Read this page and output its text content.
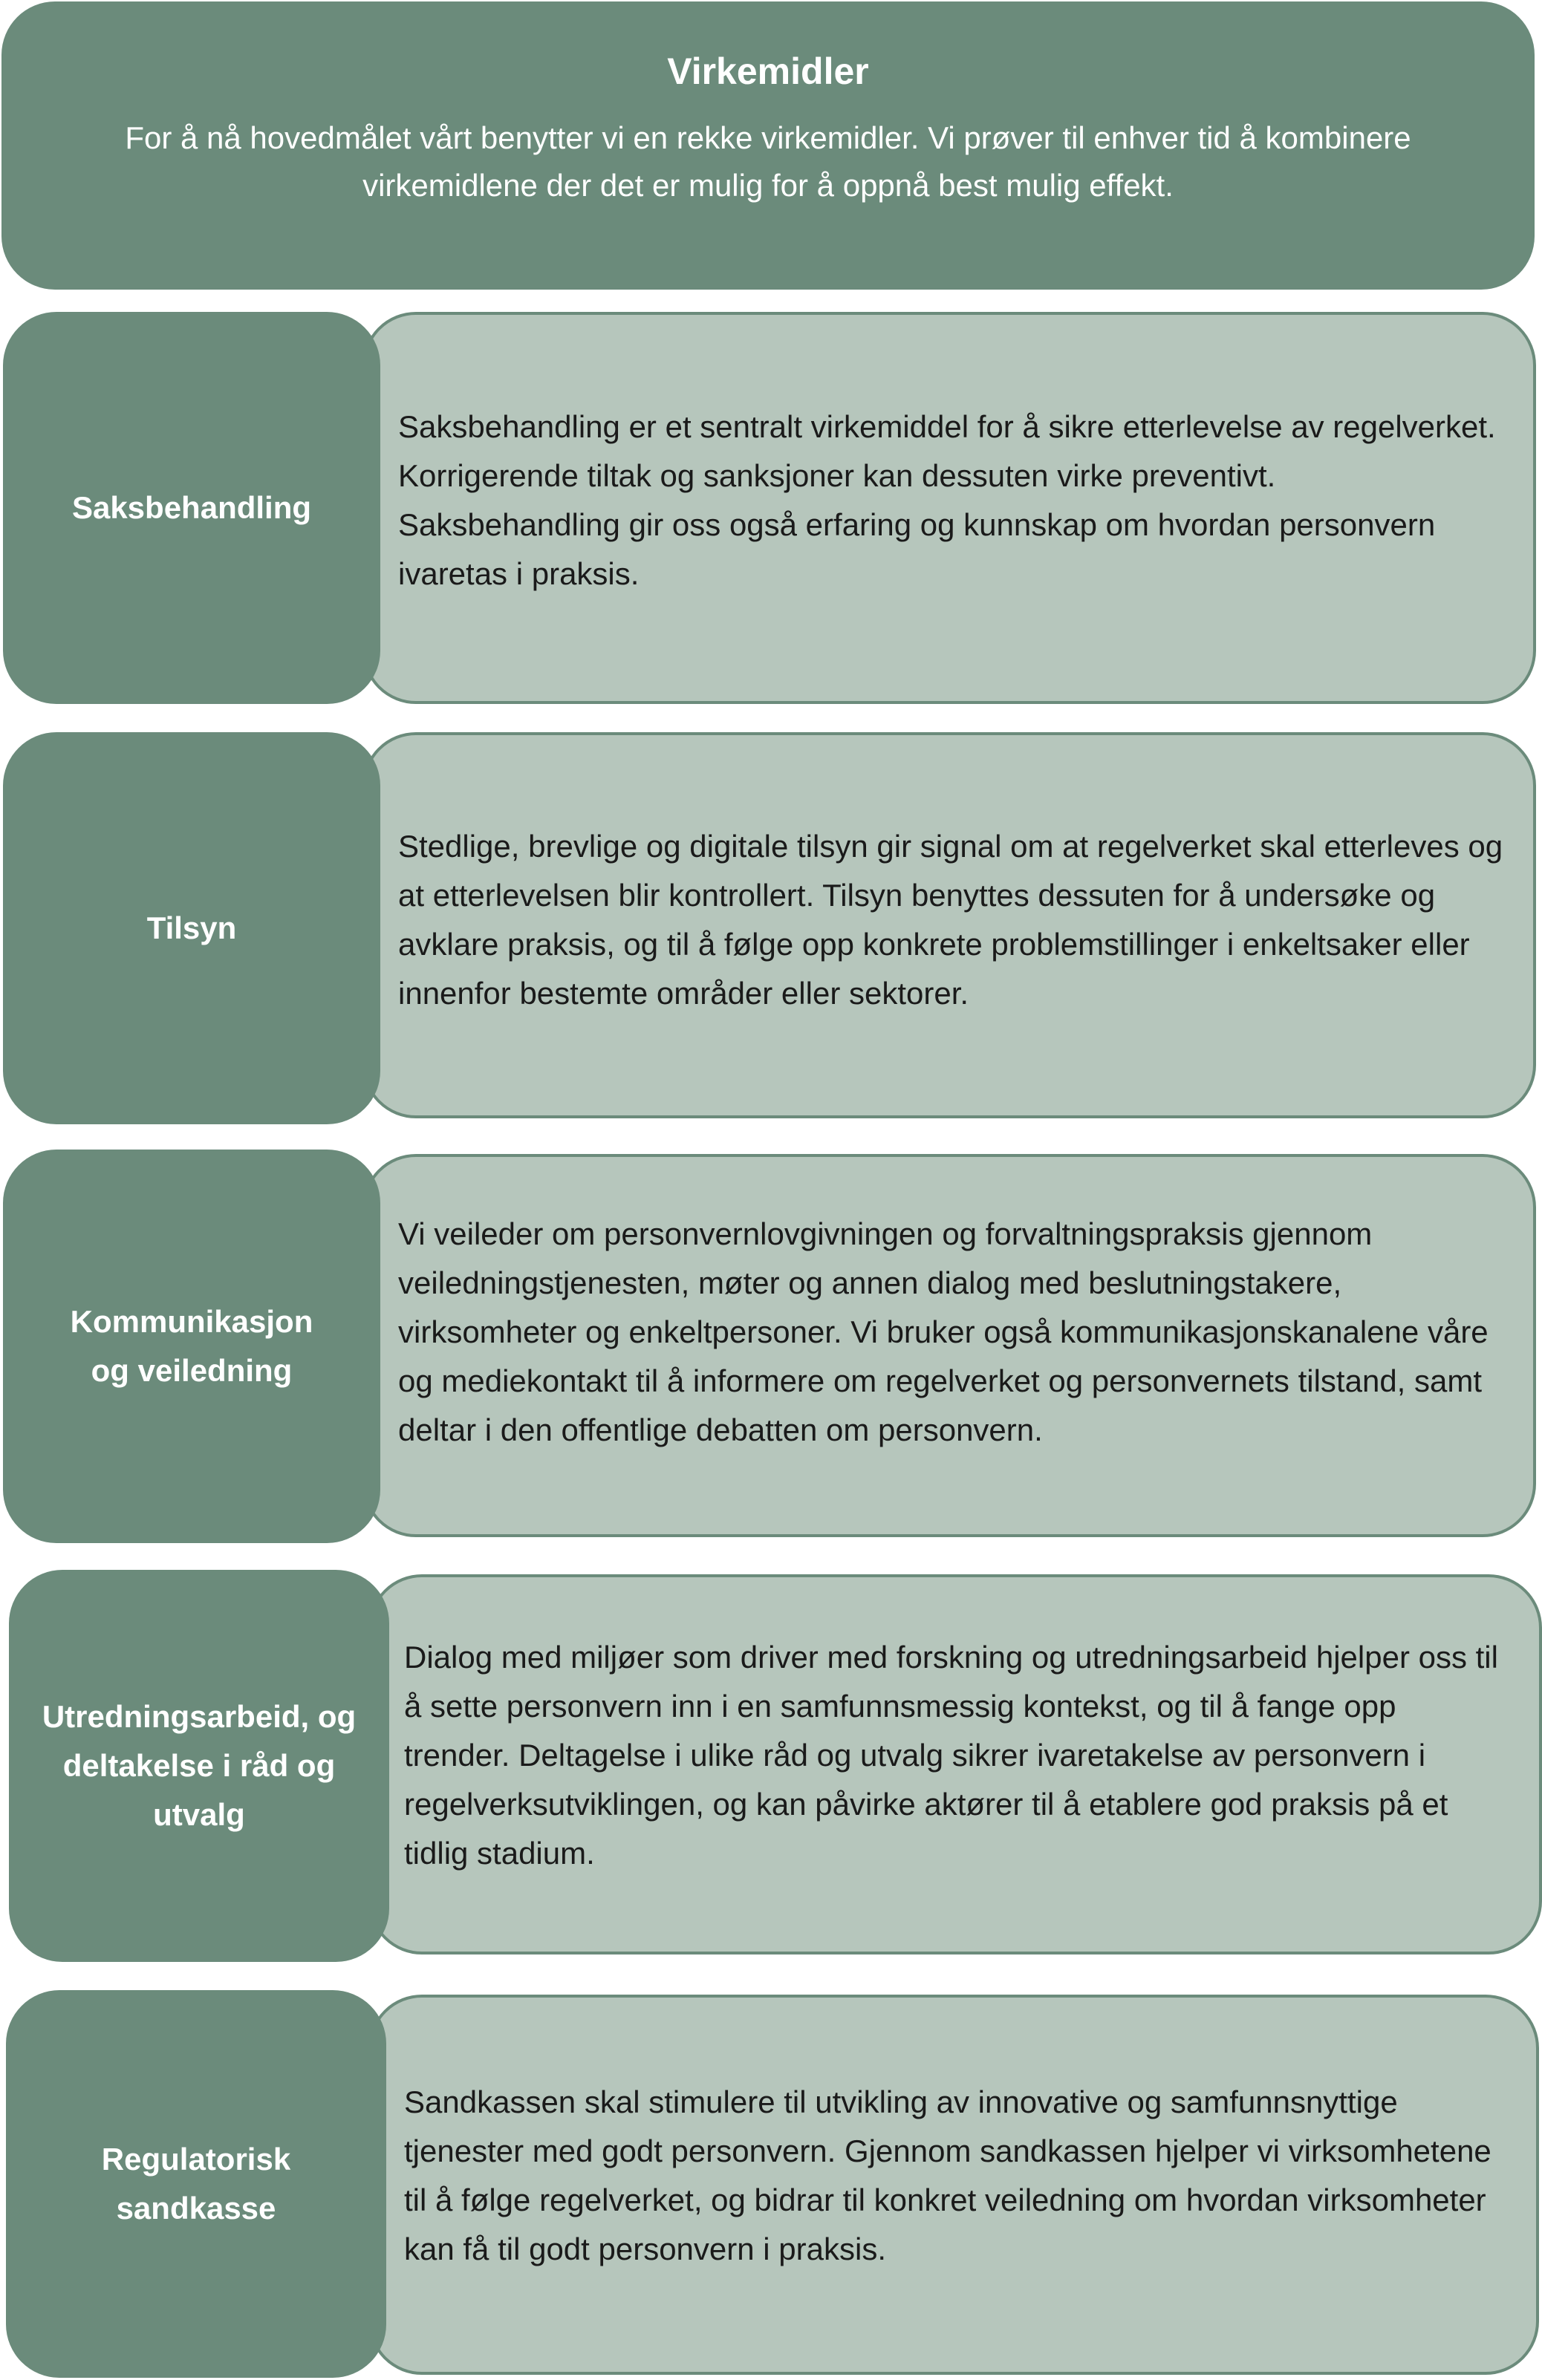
Virkemidler

For å nå hovedmålet vårt benytter vi en rekke virkemidler. Vi prøver til enhver tid å kombinere virkemidlene der det er mulig for å oppnå best mulig effekt.

Saksbehandling er et sentralt virkemiddel for å sikre etterlevelse av regelverket. Korrigerende tiltak og sanksjoner kan dessuten virke preventivt. Saksbehandling gir oss også erfaring og kunnskap om hvordan personvern ivaretas i praksis.

Saksbehandling

Stedlige, brevlige og digitale tilsyn gir signal om at regelverket skal etterleves og at etterlevelsen blir kontrollert. Tilsyn benyttes dessuten for å undersøke og avklare praksis, og til å følge opp konkrete problemstillinger i enkeltsaker eller innenfor bestemte områder eller sektorer.

Tilsyn

Vi veileder om personvernlovgivningen og forvaltningspraksis gjennom veiledningstjenesten, møter og annen dialog med beslutningstakere, virksomheter og enkeltpersoner. Vi bruker også kommunikasjonskanalene våre og mediekontakt til å informere om regelverket og personvernets tilstand, samt deltar i den offentlige debatten om personvern.

Kommunikasjon og veiledning

Dialog med miljøer som driver med forskning og utredningsarbeid hjelper oss til å sette personvern inn i en samfunnsmessig kontekst, og til å fange opp trender. Deltagelse i ulike råd og utvalg sikrer ivaretakelse av personvern i regelverksutviklingen, og kan påvirke aktører til å etablere god praksis på et tidlig stadium.

Utredningsarbeid, og deltakelse i råd og utvalg

Sandkassen skal stimulere til utvikling av innovative og samfunnsnyttige tjenester med godt personvern. Gjennom sandkassen hjelper vi virksomhetene til å følge regelverket, og bidrar til konkret veiledning om hvordan virksomheter kan få til godt personvern i praksis.

Regulatorisk sandkasse
